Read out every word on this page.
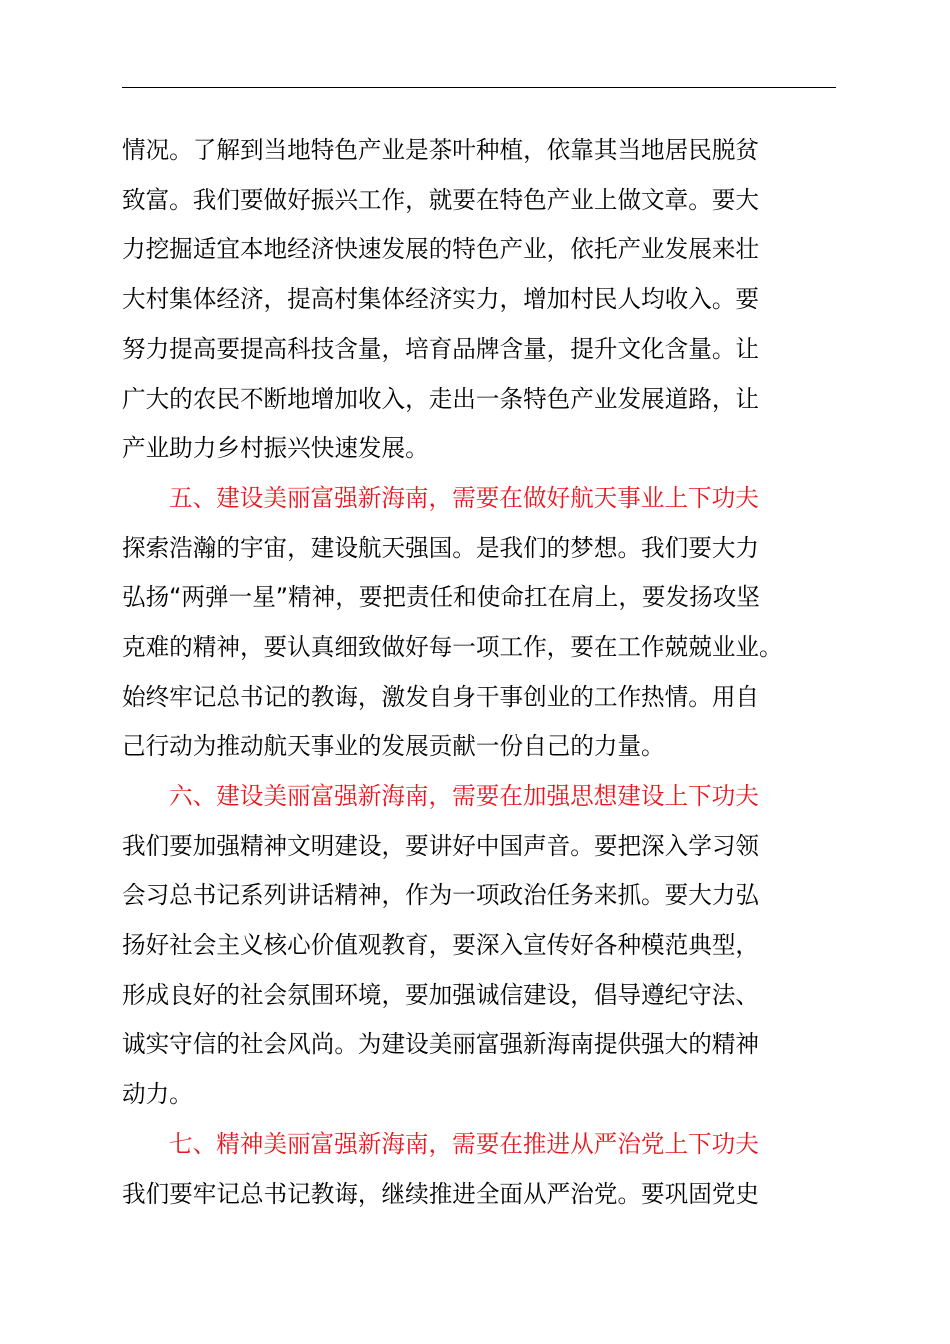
情况。了解到当地特色产业是茶叶种植，依靠其当地居民脱贫
致富。我们要做好振兴工作，就要在特色产业上做文章。要大
力挖掘适宜本地经济快速发展的特色产业，依托产业发展来壮
大村集体经济，提高村集体经济实力，增加村民人均收入。要
努力提高要提高科技含量，培育品牌含量，提升文化含量。让
广大的农民不断地增加收入，走出一条特色产业发展道路，让
产业助力乡村振兴快速发展。
五、建设美丽富强新海南，需要在做好航天事业上下功夫
探索浩瀚的宇宙，建设航天强国。是我们的梦想。我们要大力
弘扬“两弹一星”精神，要把责任和使命扛在肩上，要发扬攻坚
克难的精神，要认真细致做好每一项工作，要在工作兢兢业业。
始终牢记总书记的教诲，激发自身干事创业的工作热情。用自
己行动为推动航天事业的发展贡献一份自己的力量。
六、建设美丽富强新海南，需要在加强思想建设上下功夫
我们要加强精神文明建设，要讲好中国声音。要把深入学习领
会习总书记系列讲话精神，作为一项政治任务来抓。要大力弘
扬好社会主义核心价值观教育，要深入宣传好各种模范典型，
形成良好的社会氛围环境，要加强诚信建设，倡导遵纪守法、
诚实守信的社会风尚。为建设美丽富强新海南提供强大的精神
动力。
七、精神美丽富强新海南，需要在推进从严治党上下功夫
我们要牢记总书记教诲，继续推进全面从严治党。要巩固党史
